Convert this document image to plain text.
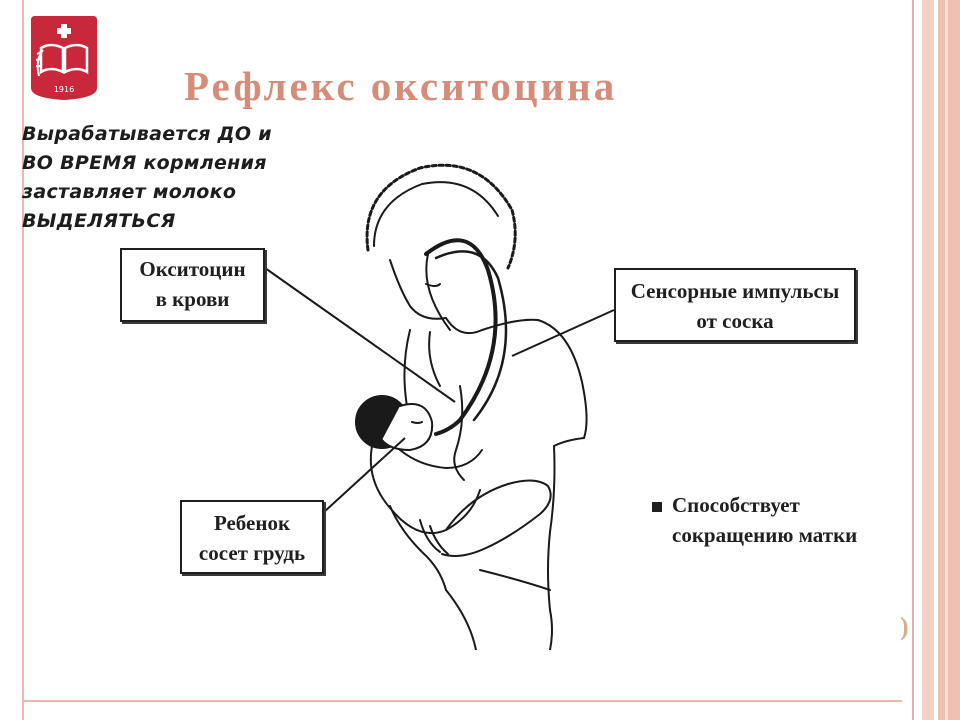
1916	Рефлекс окситоцина
Вырабатывается ДО и
ВО ВРЕМЯ кормления
заставляет молоко
ВЫДЕЛЯТЬСЯ
Окситоцин
в крови	Сенсорные импульсы
от соска
Ребенок
сосет грудь
Способствует
сокращению матки
)
